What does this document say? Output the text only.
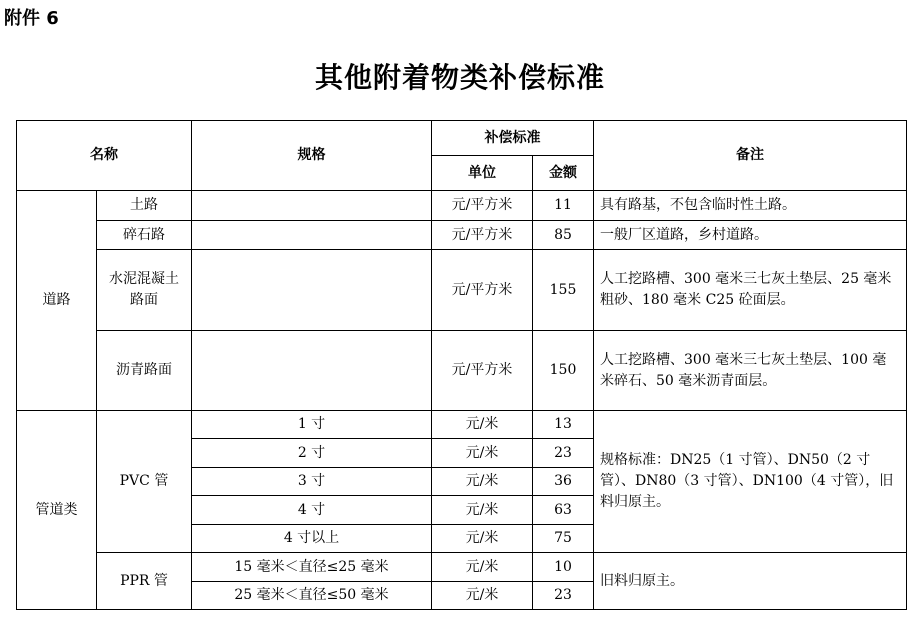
附件 6
其他附着物类补偿标准
名称		规格	补偿标准		备注
			单位	金额	
道路	土路		元/平方米	11	具有路基，不包含临时性土路。
	碎石路		元/平方米	85	一般厂区道路，乡村道路。
	水泥混凝土路面		元/平方米	155	人工挖路槽、300 毫米三七灰土垫层、25 毫米粗砂、180 毫米 C25 砼面层。
	沥青路面		元/平方米	150	人工挖路槽、300 毫米三七灰土垫层、100 毫米碎石、50 毫米沥青面层。
管道类	PVC 管	1 寸	元/米	13	规格标准：DN25（1 寸管）、DN50（2 寸管）、DN80（3 寸管）、DN100（4 寸管），旧料归原主。
		2 寸	元/米	23	
		3 寸	元/米	36	
		4 寸	元/米	63	
		4 寸以上	元/米	75	
	PPR 管	15 毫米＜直径≤25 毫米	元/米	10	旧料归原主。
		25 毫米＜直径≤50 毫米	元/米	23	
